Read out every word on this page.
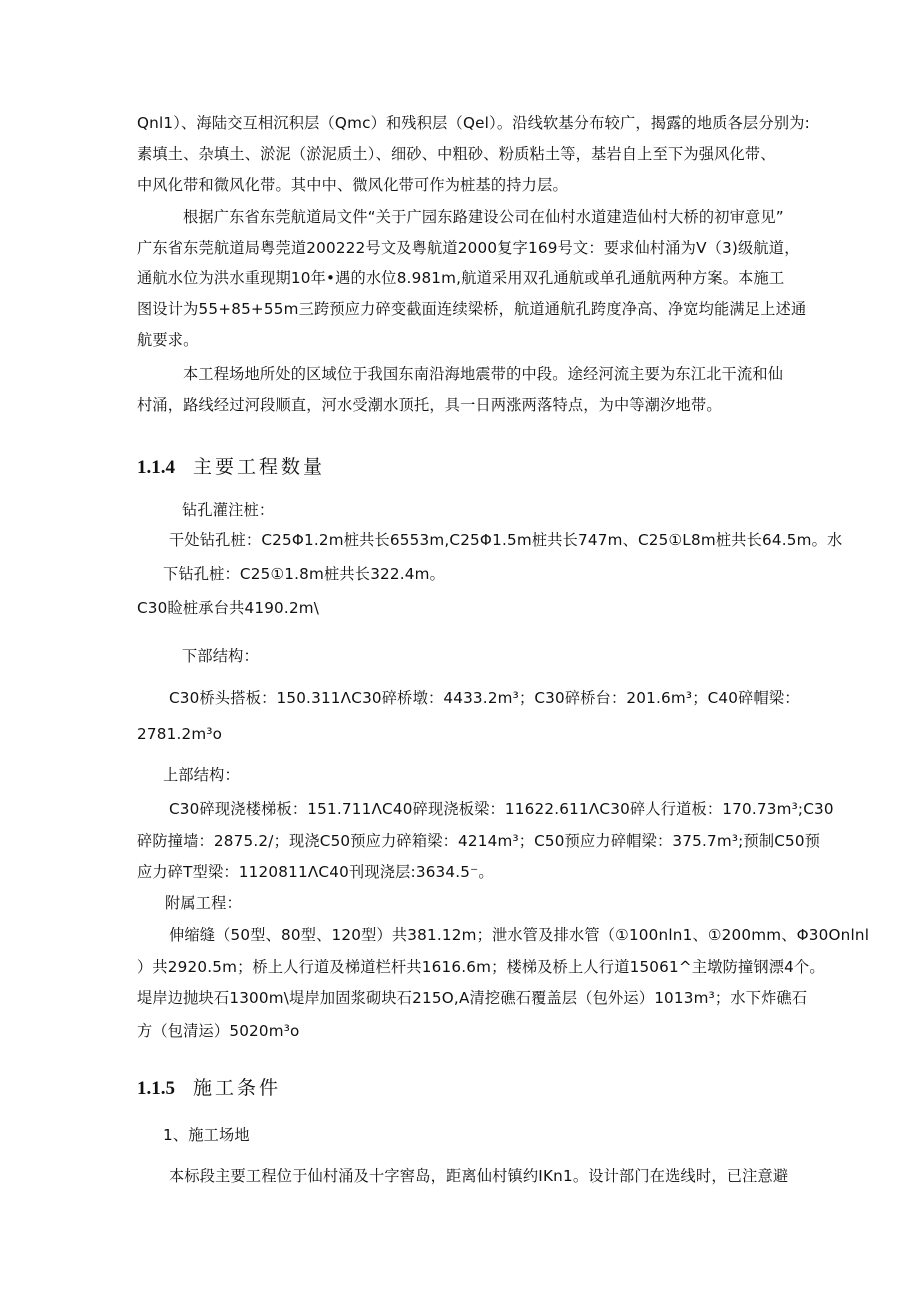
Qnl1）、海陆交互相沉积层（Qmc）和残积层（Qel）。沿线软基分布较广，揭露的地质各层分别为:
素填土、杂填土、淤泥（淤泥质土）、细砂、中粗砂、粉质粘土等，基岩自上至下为强风化带、
中风化带和微风化带。其中中、微风化带可作为桩基的持力层。
根据广东省东莞航道局文件“关于广园东路建设公司在仙村水道建造仙村大桥的初审意见”
广东省东莞航道局粤莞道200222号文及粤航道2000复字169号文：要求仙村涌为Ⅴ（3)级航道，
通航水位为洪水重现期10年•遇的水位8.981m,航道采用双孔通航或单孔通航两种方案。本施工
图设计为55+85+55m三跨预应力碎变截面连续梁桥，航道通航孔跨度净高、净宽均能满足上述通
航要求。
本工程场地所处的区域位于我国东南沿海地震带的中段。途经河流主要为东江北干流和仙
村涌，路线经过河段顺直，河水受潮水顶托，具一日两涨两落特点，为中等潮汐地带。
1.1.4 主要工程数量
钻孔灌注桩：
干处钻孔桩：C25Φ1.2m桩共长6553m,C25Φ1.5m桩共长747m、C25①L8m桩共长64.5m。水
下钻孔桩：C25①1.8m桩共长322.4m。
C30睑桩承台共4190.2m\
下部结构：
C30桥头搭板：150.311ΛC30碎桥墩：4433.2m³；C30碎桥台：201.6m³；C40碎帽梁：
2781.2m³o
上部结构：
C30碎现浇楼梯板：151.711ΛC40碎现浇板梁：11622.611ΛC30碎人行道板：170.73m³;C30
碎防撞墙：2875.2/；现浇C50预应力碎箱梁：4214m³；C50预应力碎帽梁：375.7m³;预制C50预
应力碎T型梁：1120811ΛC40刊现浇层:3634.5⁻。
附属工程：
伸缩缝（50型、80型、120型）共381.12m；泄水管及排水管（①100nln1、①200mm、Φ30Onlnl
）共2920.5m；桥上人行道及梯道栏杆共1616.6m；楼梯及桥上人行道15061^主墩防撞钢漂4个。
堤岸边抛块石1300m\堤岸加固浆砌块石215O,A清挖礁石覆盖层（包外运）1013m³；水下炸礁石
方（包清运）5020m³o
1.1.5 施工条件
1、施工场地
本标段主要工程位于仙村涌及十字窖岛，距离仙村镇约IKn1。设计部门在选线时，已注意避
